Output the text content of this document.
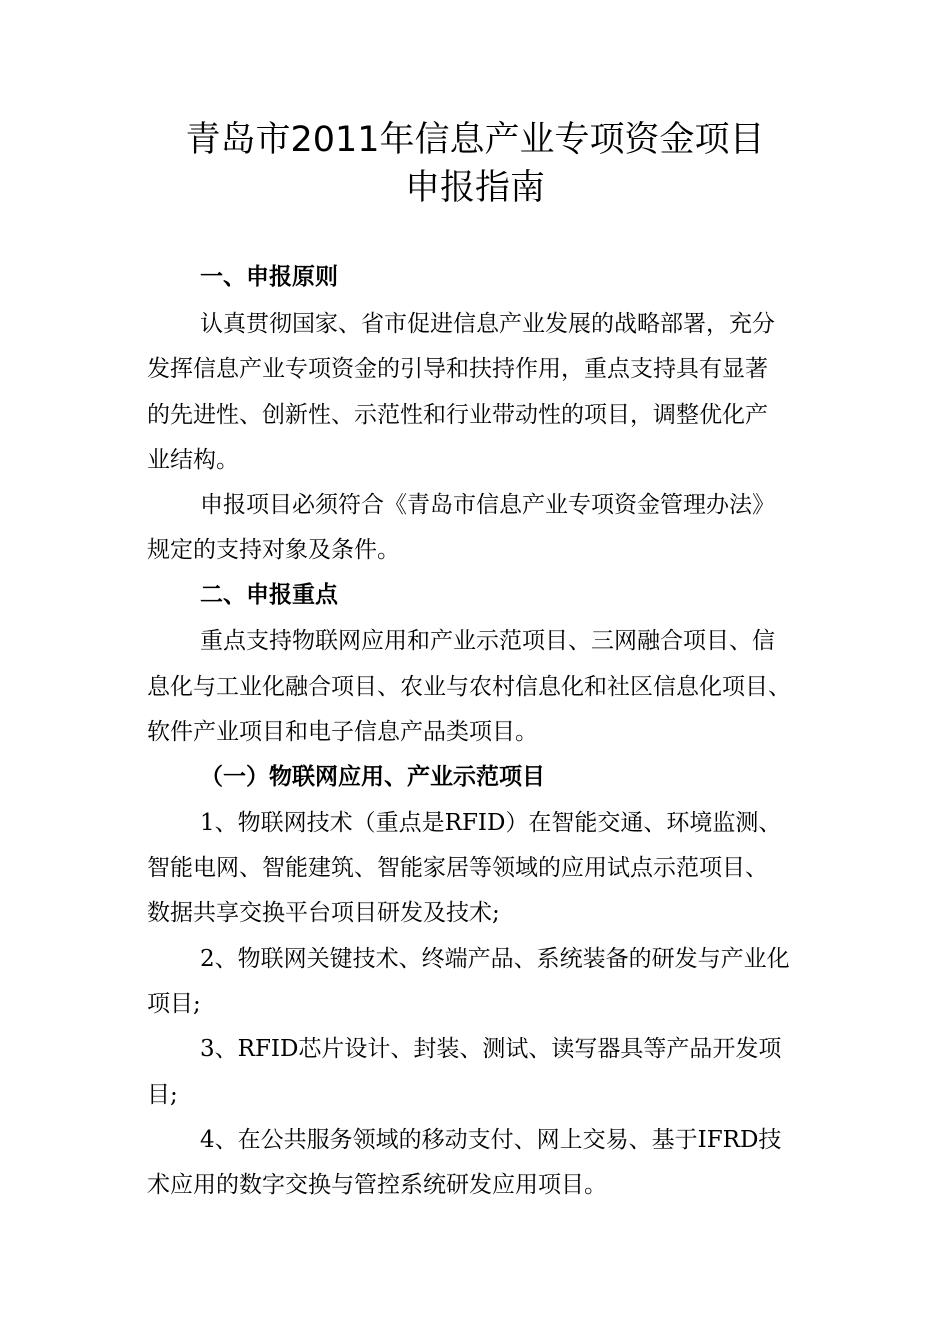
青岛市2011年信息产业专项资金项目
申报指南
一、申报原则
认真贯彻国家、省市促进信息产业发展的战略部署，充分
发挥信息产业专项资金的引导和扶持作用，重点支持具有显著
的先进性、创新性、示范性和行业带动性的项目，调整优化产
业结构。
申报项目必须符合《青岛市信息产业专项资金管理办法》
规定的支持对象及条件。
二、申报重点
重点支持物联网应用和产业示范项目、三网融合项目、信
息化与工业化融合项目、农业与农村信息化和社区信息化项目、
软件产业项目和电子信息产品类项目。
（一）物联网应用、产业示范项目
1、物联网技术（重点是RFID）在智能交通、环境监测、
智能电网、智能建筑、智能家居等领域的应用试点示范项目、
数据共享交换平台项目研发及技术;
2、物联网关键技术、终端产品、系统装备的研发与产业化
项目;
3、RFID芯片设计、封装、测试、读写器具等产品开发项
目;
4、在公共服务领域的移动支付、网上交易、基于IFRD技
术应用的数字交换与管控系统研发应用项目。
